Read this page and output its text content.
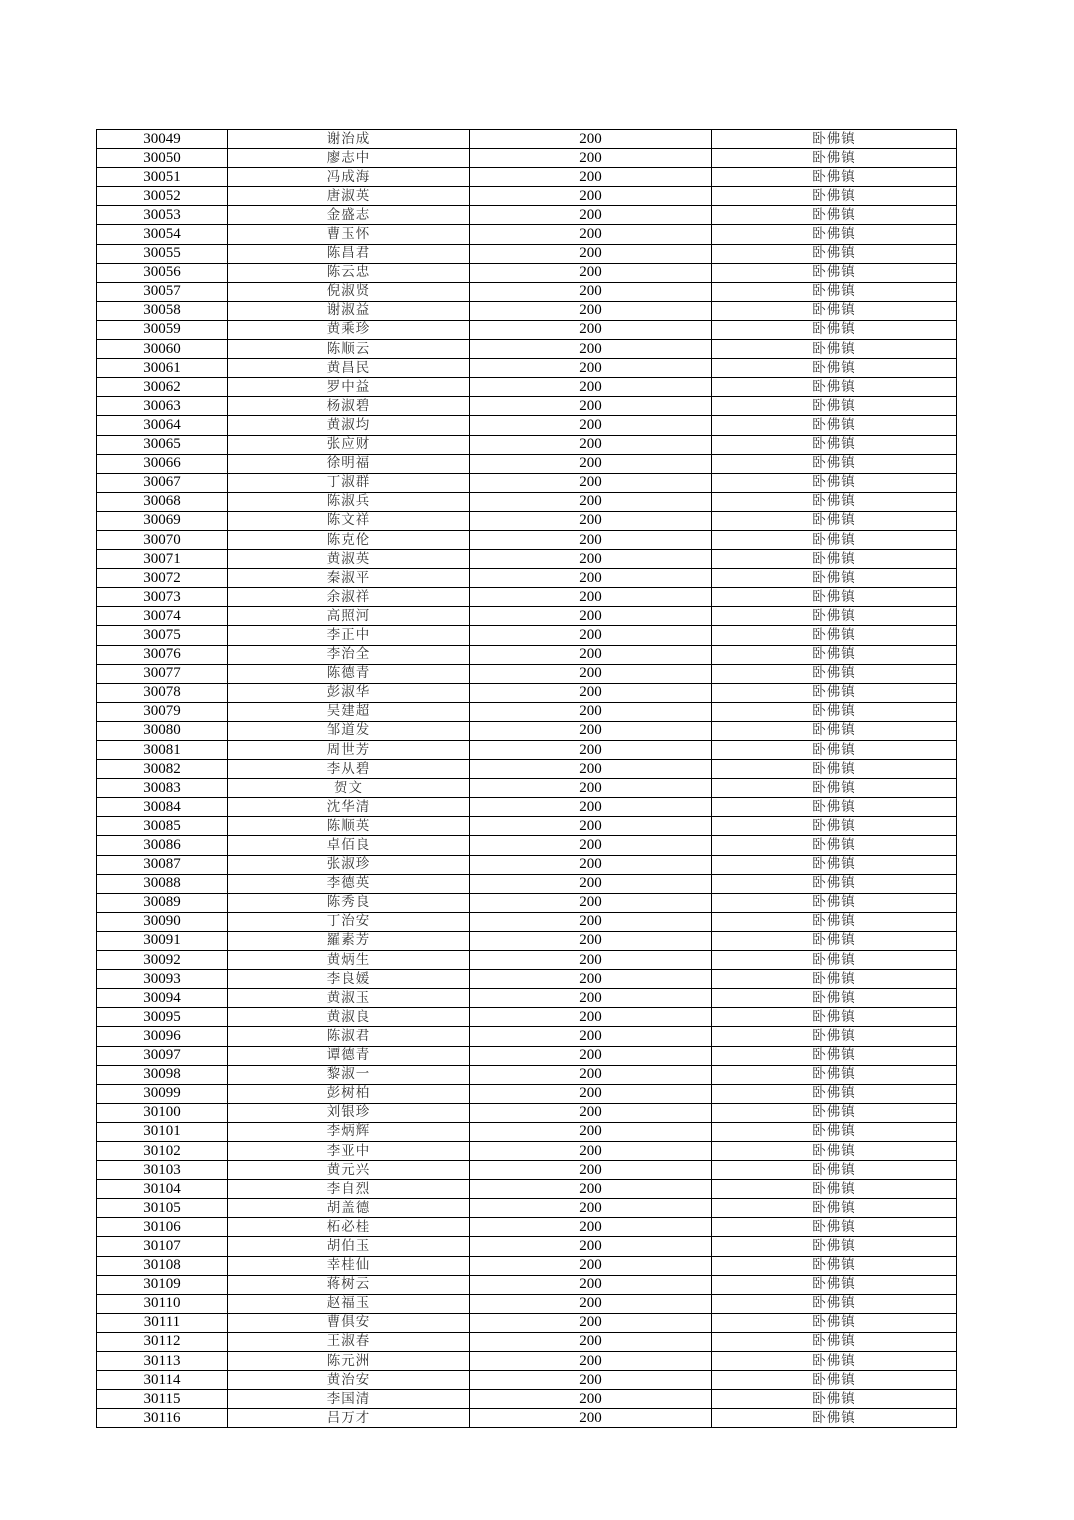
30049	谢治成	200	卧佛镇
30050	廖志中	200	卧佛镇
30051	冯成海	200	卧佛镇
30052	唐淑英	200	卧佛镇
30053	金盛志	200	卧佛镇
30054	曹玉怀	200	卧佛镇
30055	陈昌君	200	卧佛镇
30056	陈云忠	200	卧佛镇
30057	倪淑贤	200	卧佛镇
30058	谢淑益	200	卧佛镇
30059	黄乘珍	200	卧佛镇
30060	陈顺云	200	卧佛镇
30061	黄昌民	200	卧佛镇
30062	罗中益	200	卧佛镇
30063	杨淑碧	200	卧佛镇
30064	黄淑均	200	卧佛镇
30065	张应财	200	卧佛镇
30066	徐明福	200	卧佛镇
30067	丁淑群	200	卧佛镇
30068	陈淑兵	200	卧佛镇
30069	陈文祥	200	卧佛镇
30070	陈克伦	200	卧佛镇
30071	黄淑英	200	卧佛镇
30072	秦淑平	200	卧佛镇
30073	余淑祥	200	卧佛镇
30074	高照河	200	卧佛镇
30075	李正中	200	卧佛镇
30076	李治全	200	卧佛镇
30077	陈德青	200	卧佛镇
30078	彭淑华	200	卧佛镇
30079	吴建超	200	卧佛镇
30080	邹道发	200	卧佛镇
30081	周世芳	200	卧佛镇
30082	李从碧	200	卧佛镇
30083	贺文	200	卧佛镇
30084	沈华清	200	卧佛镇
30085	陈顺英	200	卧佛镇
30086	卓佰良	200	卧佛镇
30087	张淑珍	200	卧佛镇
30088	李德英	200	卧佛镇
30089	陈秀良	200	卧佛镇
30090	丁治安	200	卧佛镇
30091	羅素芳	200	卧佛镇
30092	黄炳生	200	卧佛镇
30093	李良媛	200	卧佛镇
30094	黄淑玉	200	卧佛镇
30095	黄淑良	200	卧佛镇
30096	陈淑君	200	卧佛镇
30097	谭德青	200	卧佛镇
30098	黎淑一	200	卧佛镇
30099	彭树柏	200	卧佛镇
30100	刘银珍	200	卧佛镇
30101	李炳辉	200	卧佛镇
30102	李亚中	200	卧佛镇
30103	黄元兴	200	卧佛镇
30104	李自烈	200	卧佛镇
30105	胡盖德	200	卧佛镇
30106	柘必桂	200	卧佛镇
30107	胡伯玉	200	卧佛镇
30108	幸桂仙	200	卧佛镇
30109	蒋树云	200	卧佛镇
30110	赵福玉	200	卧佛镇
30111	曹俱安	200	卧佛镇
30112	王淑春	200	卧佛镇
30113	陈元洲	200	卧佛镇
30114	黄治安	200	卧佛镇
30115	李国清	200	卧佛镇
30116	吕万才	200	卧佛镇
